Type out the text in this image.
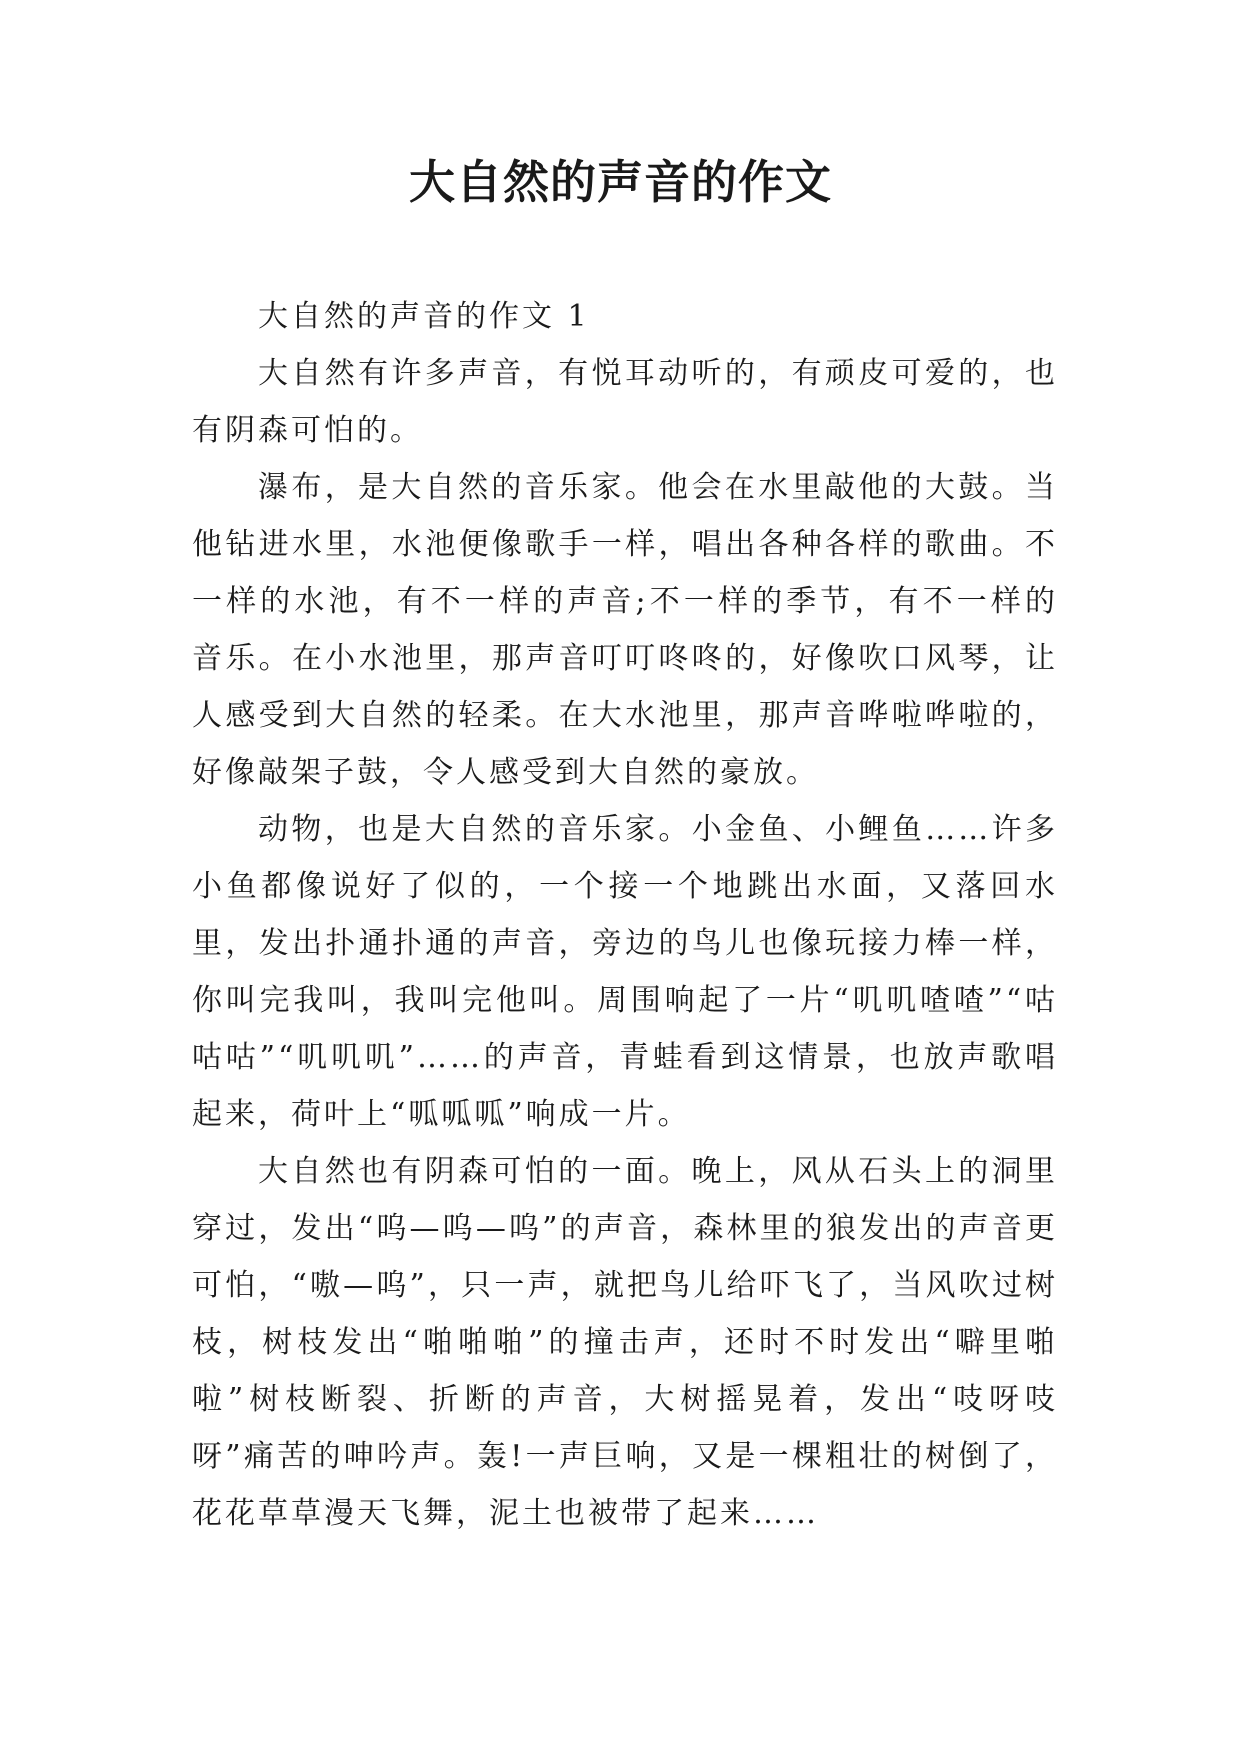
大自然的声音的作文

大自然的声音的作文 1

大自然有许多声音，有悦耳动听的，有顽皮可爱的，也有阴森可怕的。

瀑布，是大自然的音乐家。他会在水里敲他的大鼓。当他钻进水里，水池便像歌手一样，唱出各种各样的歌曲。不一样的水池，有不一样的声音;不一样的季节，有不一样的音乐。在小水池里，那声音叮叮咚咚的，好像吹口风琴，让人感受到大自然的轻柔。在大水池里，那声音哗啦哗啦的，好像敲架子鼓，令人感受到大自然的豪放。

动物，也是大自然的音乐家。小金鱼、小鲤鱼……许多小鱼都像说好了似的，一个接一个地跳出水面，又落回水里，发出扑通扑通的声音，旁边的鸟儿也像玩接力棒一样，你叫完我叫，我叫完他叫。周围响起了一片“叽叽喳喳”“咕咕咕”“叽叽叽”……的声音，青蛙看到这情景，也放声歌唱起来，荷叶上“呱呱呱”响成一片。

大自然也有阴森可怕的一面。晚上，风从石头上的洞里穿过，发出“呜—呜—呜”的声音，森林里的狼发出的声音更可怕，“嗷—呜”，只一声，就把鸟儿给吓飞了，当风吹过树枝，树枝发出“啪啪啪”的撞击声，还时不时发出“噼里啪啦”树枝断裂、折断的声音，大树摇晃着，发出“吱呀吱呀”痛苦的呻吟声。轰!一声巨响，又是一棵粗壮的树倒了，花花草草漫天飞舞，泥土也被带了起来……
